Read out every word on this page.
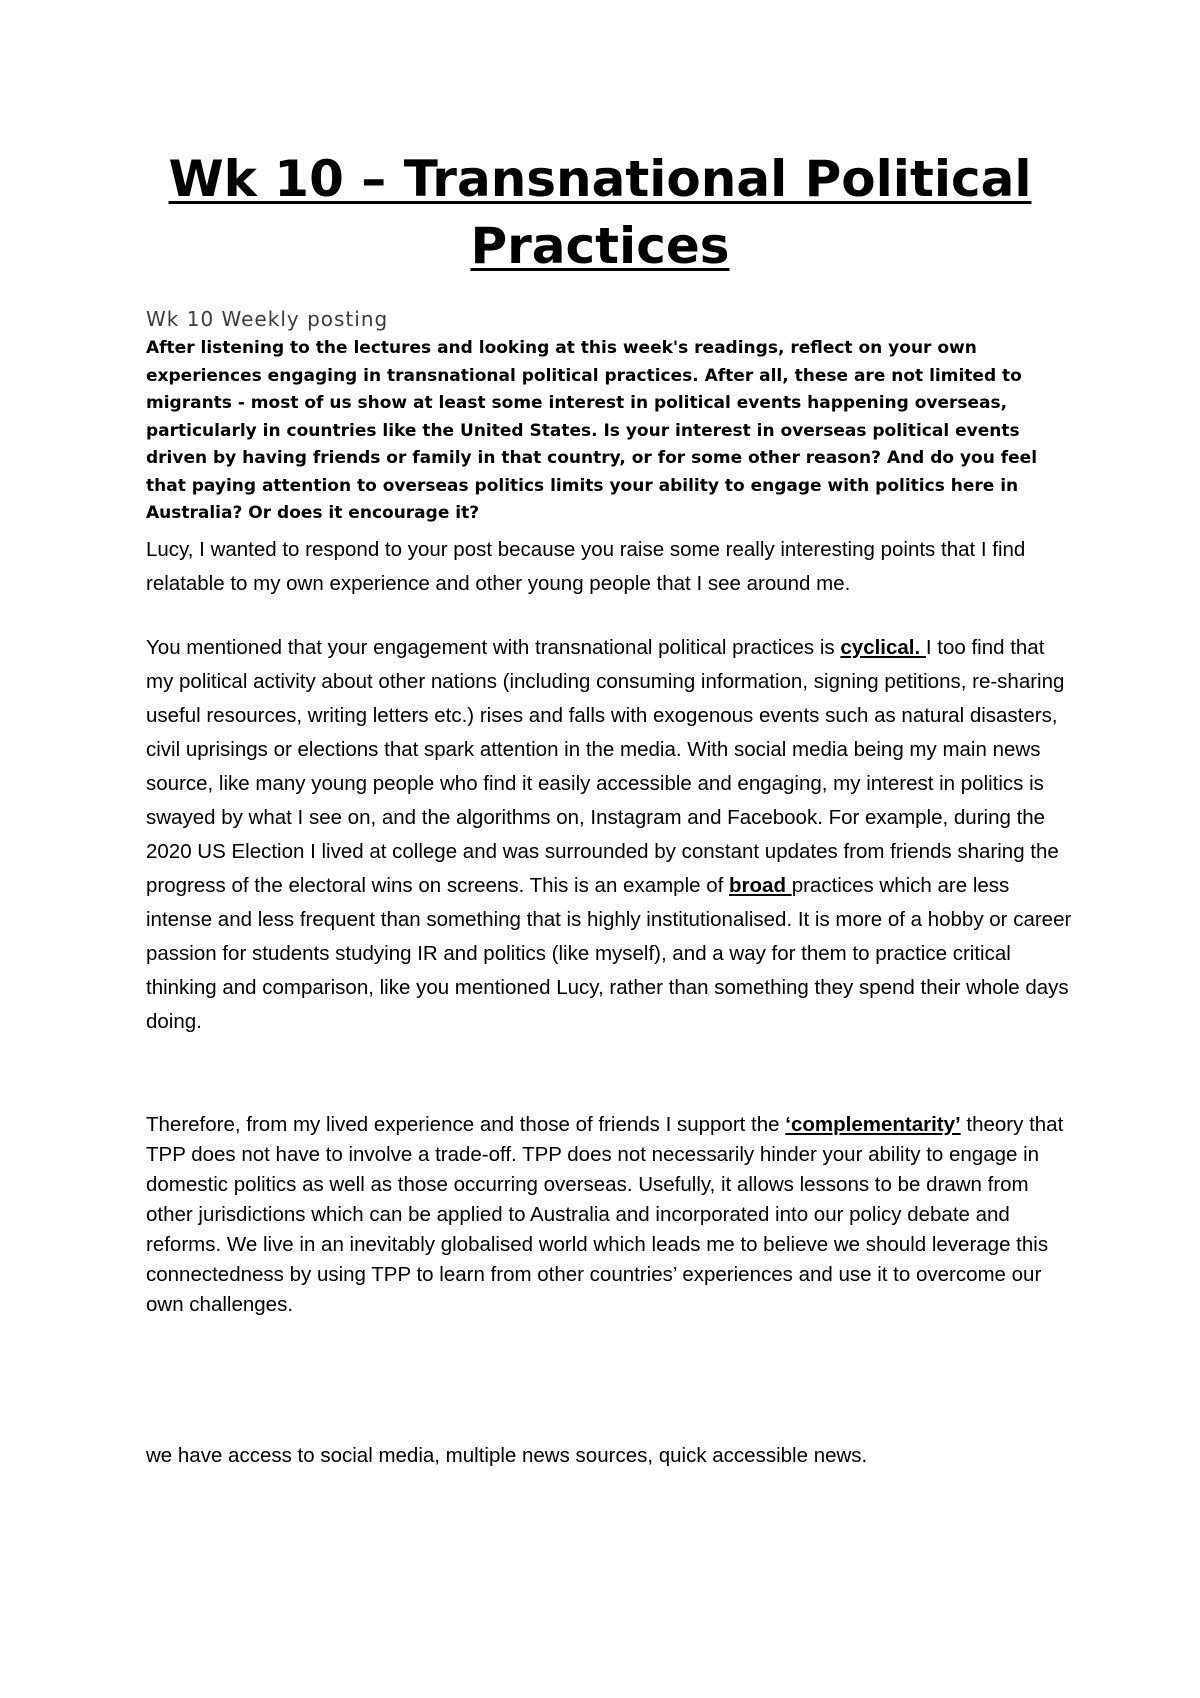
Wk 10 – Transnational Political Practices

Wk 10 Weekly posting

After listening to the lectures and looking at this week's readings, reflect on your own experiences engaging in transnational political practices. After all, these are not limited to migrants - most of us show at least some interest in political events happening overseas, particularly in countries like the United States. Is your interest in overseas political events driven by having friends or family in that country, or for some other reason? And do you feel that paying attention to overseas politics limits your ability to engage with politics here in Australia? Or does it encourage it?

Lucy, I wanted to respond to your post because you raise some really interesting points that I find relatable to my own experience and other young people that I see around me.

You mentioned that your engagement with transnational political practices is cyclical. I too find that my political activity about other nations (including consuming information, signing petitions, re-sharing useful resources, writing letters etc.) rises and falls with exogenous events such as natural disasters, civil uprisings or elections that spark attention in the media. With social media being my main news source, like many young people who find it easily accessible and engaging, my interest in politics is swayed by what I see on, and the algorithms on, Instagram and Facebook. For example, during the 2020 US Election I lived at college and was surrounded by constant updates from friends sharing the progress of the electoral wins on screens. This is an example of broad practices which are less intense and less frequent than something that is highly institutionalised. It is more of a hobby or career passion for students studying IR and politics (like myself), and a way for them to practice critical thinking and comparison, like you mentioned Lucy, rather than something they spend their whole days doing.

Therefore, from my lived experience and those of friends I support the ‘complementarity’ theory that TPP does not have to involve a trade-off. TPP does not necessarily hinder your ability to engage in domestic politics as well as those occurring overseas. Usefully, it allows lessons to be drawn from other jurisdictions which can be applied to Australia and incorporated into our policy debate and reforms. We live in an inevitably globalised world which leads me to believe we should leverage this connectedness by using TPP to learn from other countries’ experiences and use it to overcome our own challenges.

we have access to social media, multiple news sources, quick accessible news.
